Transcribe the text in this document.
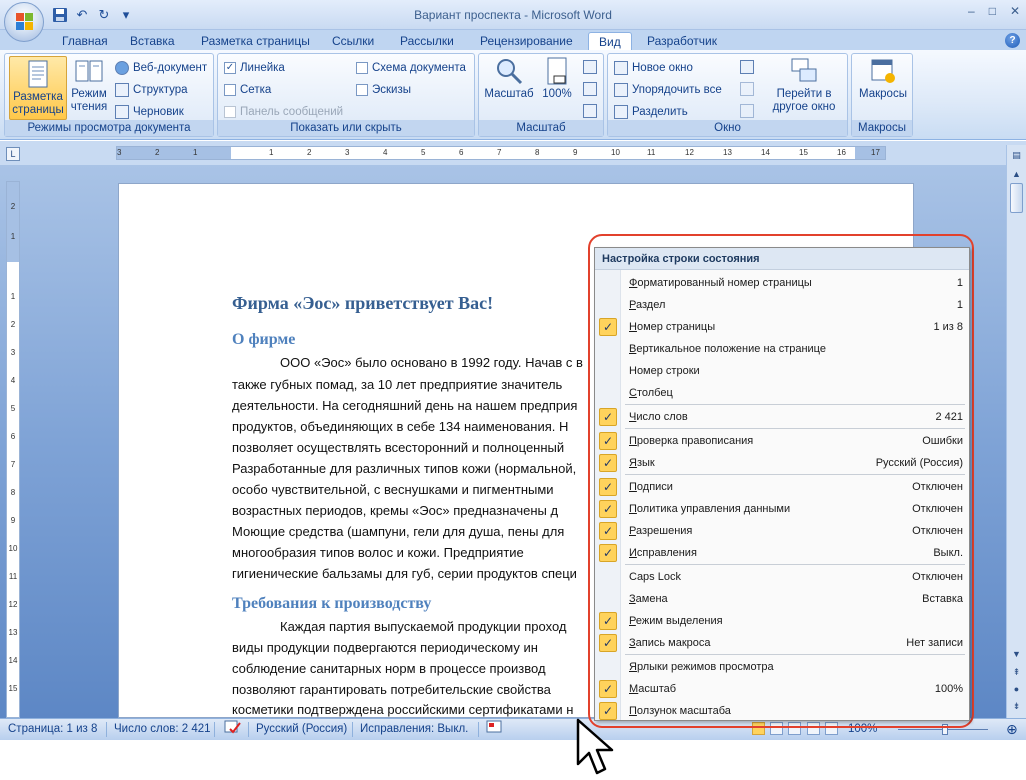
↶ ↻	▾	Вариант проспекта - Microsoft Word	– □ ✕
Главная Вставка Разметка страницы Ссылки Рассылки Рецензирование	Вид	Разработчик	?
Разметка страницы
Режим чтения
Веб-документ
Структура
Черновик
Режимы просмотра документа
✓ Линейка
Сетка
Панель сообщений
Схема документа
Эскизы
Показать или скрыть
Масштаб 100%
Масштаб
Новое окно
Упорядочить все
Разделить
Перейти в другое окно
Окно
Макросы
Макросы
L	3	2	1	1	2	3	4	5	6	7	8	9	10	11	12	13	14	15	16	17
2
1
1
2
3
4
5
6
7
8
9
10
11
12
13
14
15
Фирма «Эос» приветствует Вас!
О фирме
ООО «Эос» было основано в 1992 году. Начав с в
также губных помад, за 10 лет предприятие значитель
деятельности. На сегодняшний день на нашем предприя
продуктов, объединяющих в себе 134 наименования. Н
позволяет осуществлять всесторонний и полноценный
Разработанные для различных типов кожи (нормальной,
особо чувствительной, с веснушками и пигментными
возрастных периодов, кремы «Эос» предназначены д
Моющие средства (шампуни, гели для душа, пены для
многообразия типов волос и кожи. Предприятие
гигиенические бальзамы для губ, серии продуктов специ
Требования к производству
Каждая партия выпускаемой продукции проход
виды продукции подвергаются периодическому ин
соблюдение санитарных норм в процессе производ
позволяют гарантировать потребительские свойства
косметики подтверждена российскими сертификатами н
▤
▲
▼
⇞
●
⇟
Страница: 1 из 8 Число слов: 2 421	Русский (Россия) Исправления: Выкл.
	100%	⊕
Настройка строки состояния
Форматированный номер страницы	1
Раздел	1
✓	Номер страницы	1 из 8
Вертикальное положение на странице
Номер строки
Столбец
✓	Число слов	2 421
✓	Проверка правописания	Ошибки
✓	Язык	Русский (Россия)
✓	Подписи	Отключен
✓	Политика управления данными	Отключен
✓	Разрешения	Отключен
✓	Исправления	Выкл.
Caps Lock	Отключен
Замена	Вставка
✓	Режим выделения
✓	Запись макроса	Нет записи
Ярлыки режимов просмотра
✓	Масштаб	100%
✓	Ползунок масштаба
